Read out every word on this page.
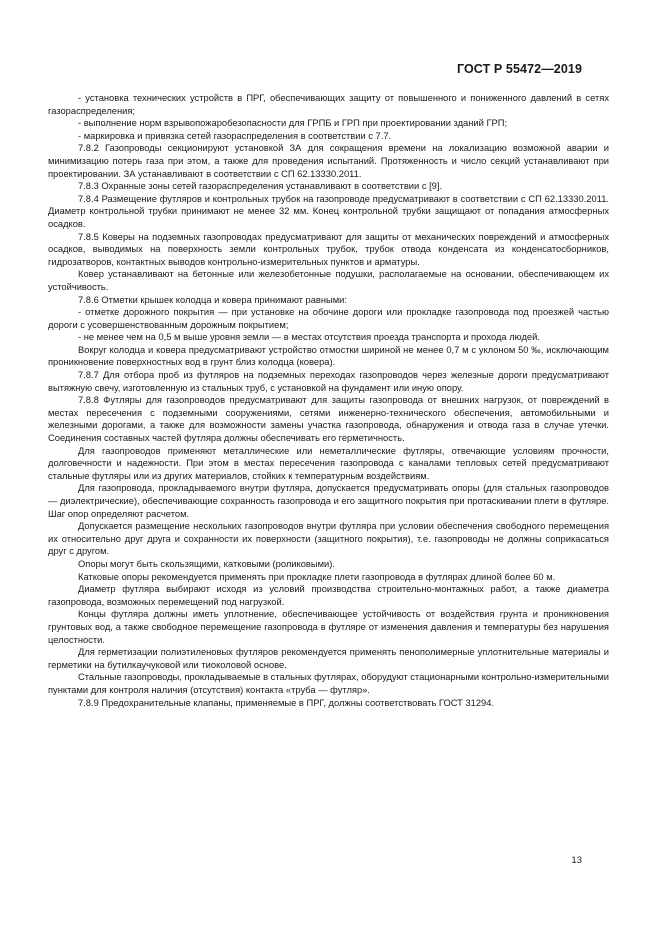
ГОСТ Р 55472—2019

- установка технических устройств в ПРГ, обеспечивающих защиту от повышенного и пониженного давлений в сетях газораспределения;

- выполнение норм взрывопожаробезопасности для ГРПБ и ГРП при проектировании зданий ГРП;

- маркировка и привязка сетей газораспределения в соответствии с 7.7.

7.8.2 Газопроводы секционируют установкой ЗА для сокращения времени на локализацию возможной аварии и минимизацию потерь газа при этом, а также для проведения испытаний. Протяженность и число секций устанавливают при проектировании. ЗА устанавливают в соответствии с СП 62.13330.2011.

7.8.3 Охранные зоны сетей газораспределения устанавливают в соответствии с [9].

7.8.4 Размещение футляров и контрольных трубок на газопроводе предусматривают в соответствии с СП 62.13330.2011. Диаметр контрольной трубки принимают не менее 32 мм. Конец контрольной трубки защищают от попадания атмосферных осадков.

7.8.5 Коверы на подземных газопроводах предусматривают для защиты от механических повреждений и атмосферных осадков, выводимых на поверхность земли контрольных трубок, трубок отвода конденсата из конденсатосборников, гидрозатворов, контактных выводов контрольно-измерительных пунктов и арматуры.

Ковер устанавливают на бетонные или железобетонные подушки, располагаемые на основании, обеспечивающем их устойчивость.

7.8.6 Отметки крышек колодца и ковера принимают равными:

- отметке дорожного покрытия — при установке на обочине дороги или прокладке газопровода под проезжей частью дороги с усовершенствованным дорожным покрытием;

- не менее чем на 0,5 м выше уровня земли — в местах отсутствия проезда транспорта и прохода людей.

Вокруг колодца и ковера предусматривают устройство отмостки шириной не менее 0,7 м с уклоном 50 ‰, исключающим проникновение поверхностных вод в грунт близ колодца (ковера).

7.8.7 Для отбора проб из футляров на подземных переходах газопроводов через железные дороги предусматривают вытяжную свечу, изготовленную из стальных труб, с установкой на фундамент или иную опору.

7.8.8 Футляры для газопроводов предусматривают для защиты газопровода от внешних нагрузок, от повреждений в местах пересечения с подземными сооружениями, сетями инженерно-технического обеспечения, автомобильными и железными дорогами, а также для возможности замены участка газопровода, обнаружения и отвода газа в случае утечки. Соединения составных частей футляра должны обеспечивать его герметичность.

Для газопроводов применяют металлические или неметаллические футляры, отвечающие условиям прочности, долговечности и надежности. При этом в местах пересечения газопровода с каналами тепловых сетей предусматривают стальные футляры или из других материалов, стойких к температурным воздействиям.

Для газопровода, прокладываемого внутри футляра, допускается предусматривать опоры (для стальных газопроводов — диэлектрические), обеспечивающие сохранность газопровода и его защитного покрытия при протаскивании плети в футляре. Шаг опор определяют расчетом.

Допускается размещение нескольких газопроводов внутри футляра при условии обеспечения свободного перемещения их относительно друг друга и сохранности их поверхности (защитного покрытия), т.е. газопроводы не должны соприкасаться друг с другом.

Опоры могут быть скользящими, катковыми (роликовыми).

Катковые опоры рекомендуется применять при прокладке плети газопровода в футлярах длиной более 60 м.

Диаметр футляра выбирают исходя из условий производства строительно-монтажных работ, а также диаметра газопровода, возможных перемещений под нагрузкой.

Концы футляра должны иметь уплотнение, обеспечивающее устойчивость от воздействия грунта и проникновения грунтовых вод, а также свободное перемещение газопровода в футляре от изменения давления и температуры без нарушения целостности.

Для герметизации полиэтиленовых футляров рекомендуется применять пенополимерные уплотнительные материалы и герметики на бутилкаучуковой или тиоколовой основе.

Стальные газопроводы, прокладываемые в стальных футлярах, оборудуют стационарными контрольно-измерительными пунктами для контроля наличия (отсутствия) контакта «труба — футляр».

7.8.9 Предохранительные клапаны, применяемые в ПРГ, должны соответствовать ГОСТ 31294.

13
